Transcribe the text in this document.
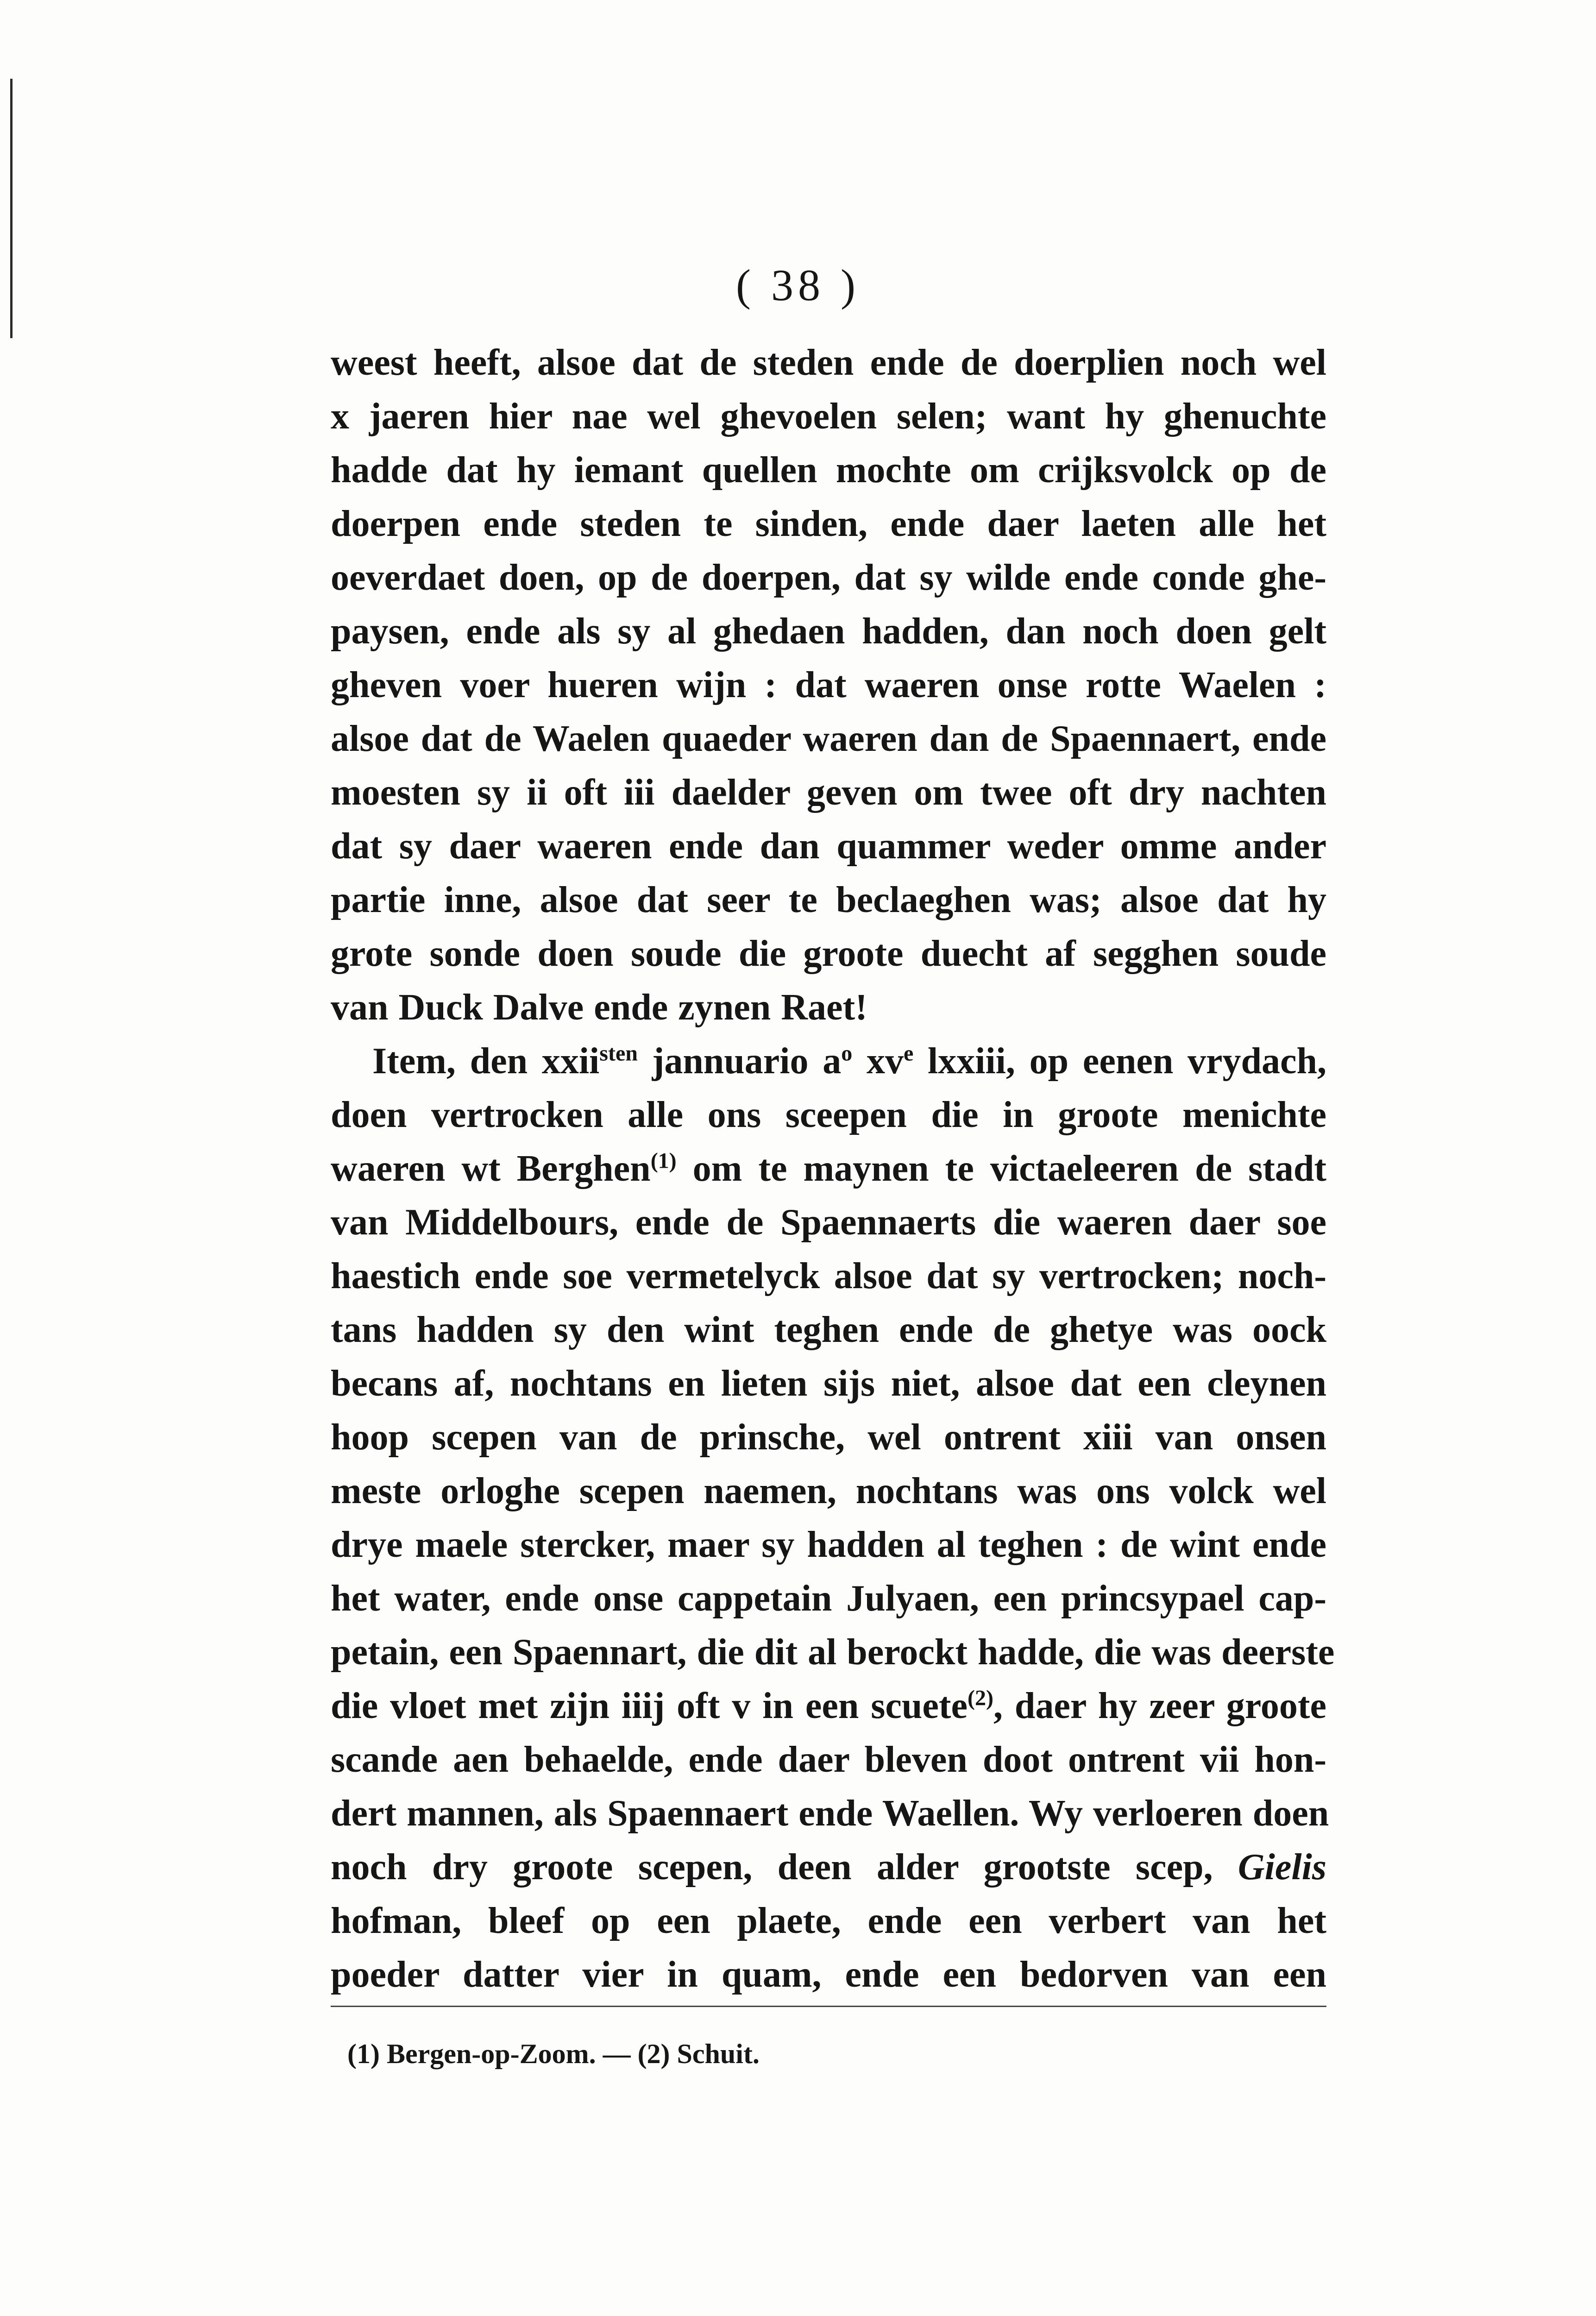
( 38 )
weest heeft, alsoe dat de steden ende de doerplien noch wel
x jaeren hier nae wel ghevoelen selen; want hy ghenuchte
hadde dat hy iemant quellen mochte om crijksvolck op de
doerpen ende steden te sinden, ende daer laeten alle het
oeverdaet doen, op de doerpen, dat sy wilde ende conde ghe-
paysen, ende als sy al ghedaen hadden, dan noch doen gelt
gheven voer hueren wijn : dat waeren onse rotte Waelen :
alsoe dat de Waelen quaeder waeren dan de Spaennaert, ende
moesten sy ii oft iii daelder geven om twee oft dry nachten
dat sy daer waeren ende dan quammer weder omme ander
partie inne, alsoe dat seer te beclaeghen was; alsoe dat hy
grote sonde doen soude die groote duecht af segghen soude
van Duck Dalve ende zynen Raet!
Item, den xxii$^{sten}$ jannuario $a^o$ $xv^e$ lxxiii, op eenen vrydach,
doen vertrocken alle ons sceepen die in groote menichte
waeren wt Berghen$^{(1)}$ om te maynen te victaeleeren de stadt
van Middelbours, ende de Spaennaerts die waeren daer soe
haestich ende soe vermetelyck alsoe dat sy vertrocken; noch-
tans hadden sy den wint teghen ende de ghetye was oock
becans af, nochtans en lieten sijs niet, alsoe dat een cleynen
hoop scepen van de prinsche, wel ontrent xiii van onsen
meste orloghe scepen naemen, nochtans was ons volck wel
drye maele stercker, maer sy hadden al teghen : de wint ende
het water, ende onse cappetain Julyaen, een princsypael cap-
petain, een Spaennart, die dit al berockt hadde, die was deerste
die vloet met zijn iiij oft v in een scuete$^{(2)}$, daer hy zeer groote
scande aen behaelde, ende daer bleven doot ontrent vii hon-
dert mannen, als Spaennaert ende Waellen. Wy verloeren doen
noch dry groote scepen, deen alder grootste scep, Gielis
hofman, bleef op een plaete, ende een verbert van het
poeder datter vier in quam, ende een bedorven van een
(1) Bergen-op-Zoom. — (2) Schuit.
